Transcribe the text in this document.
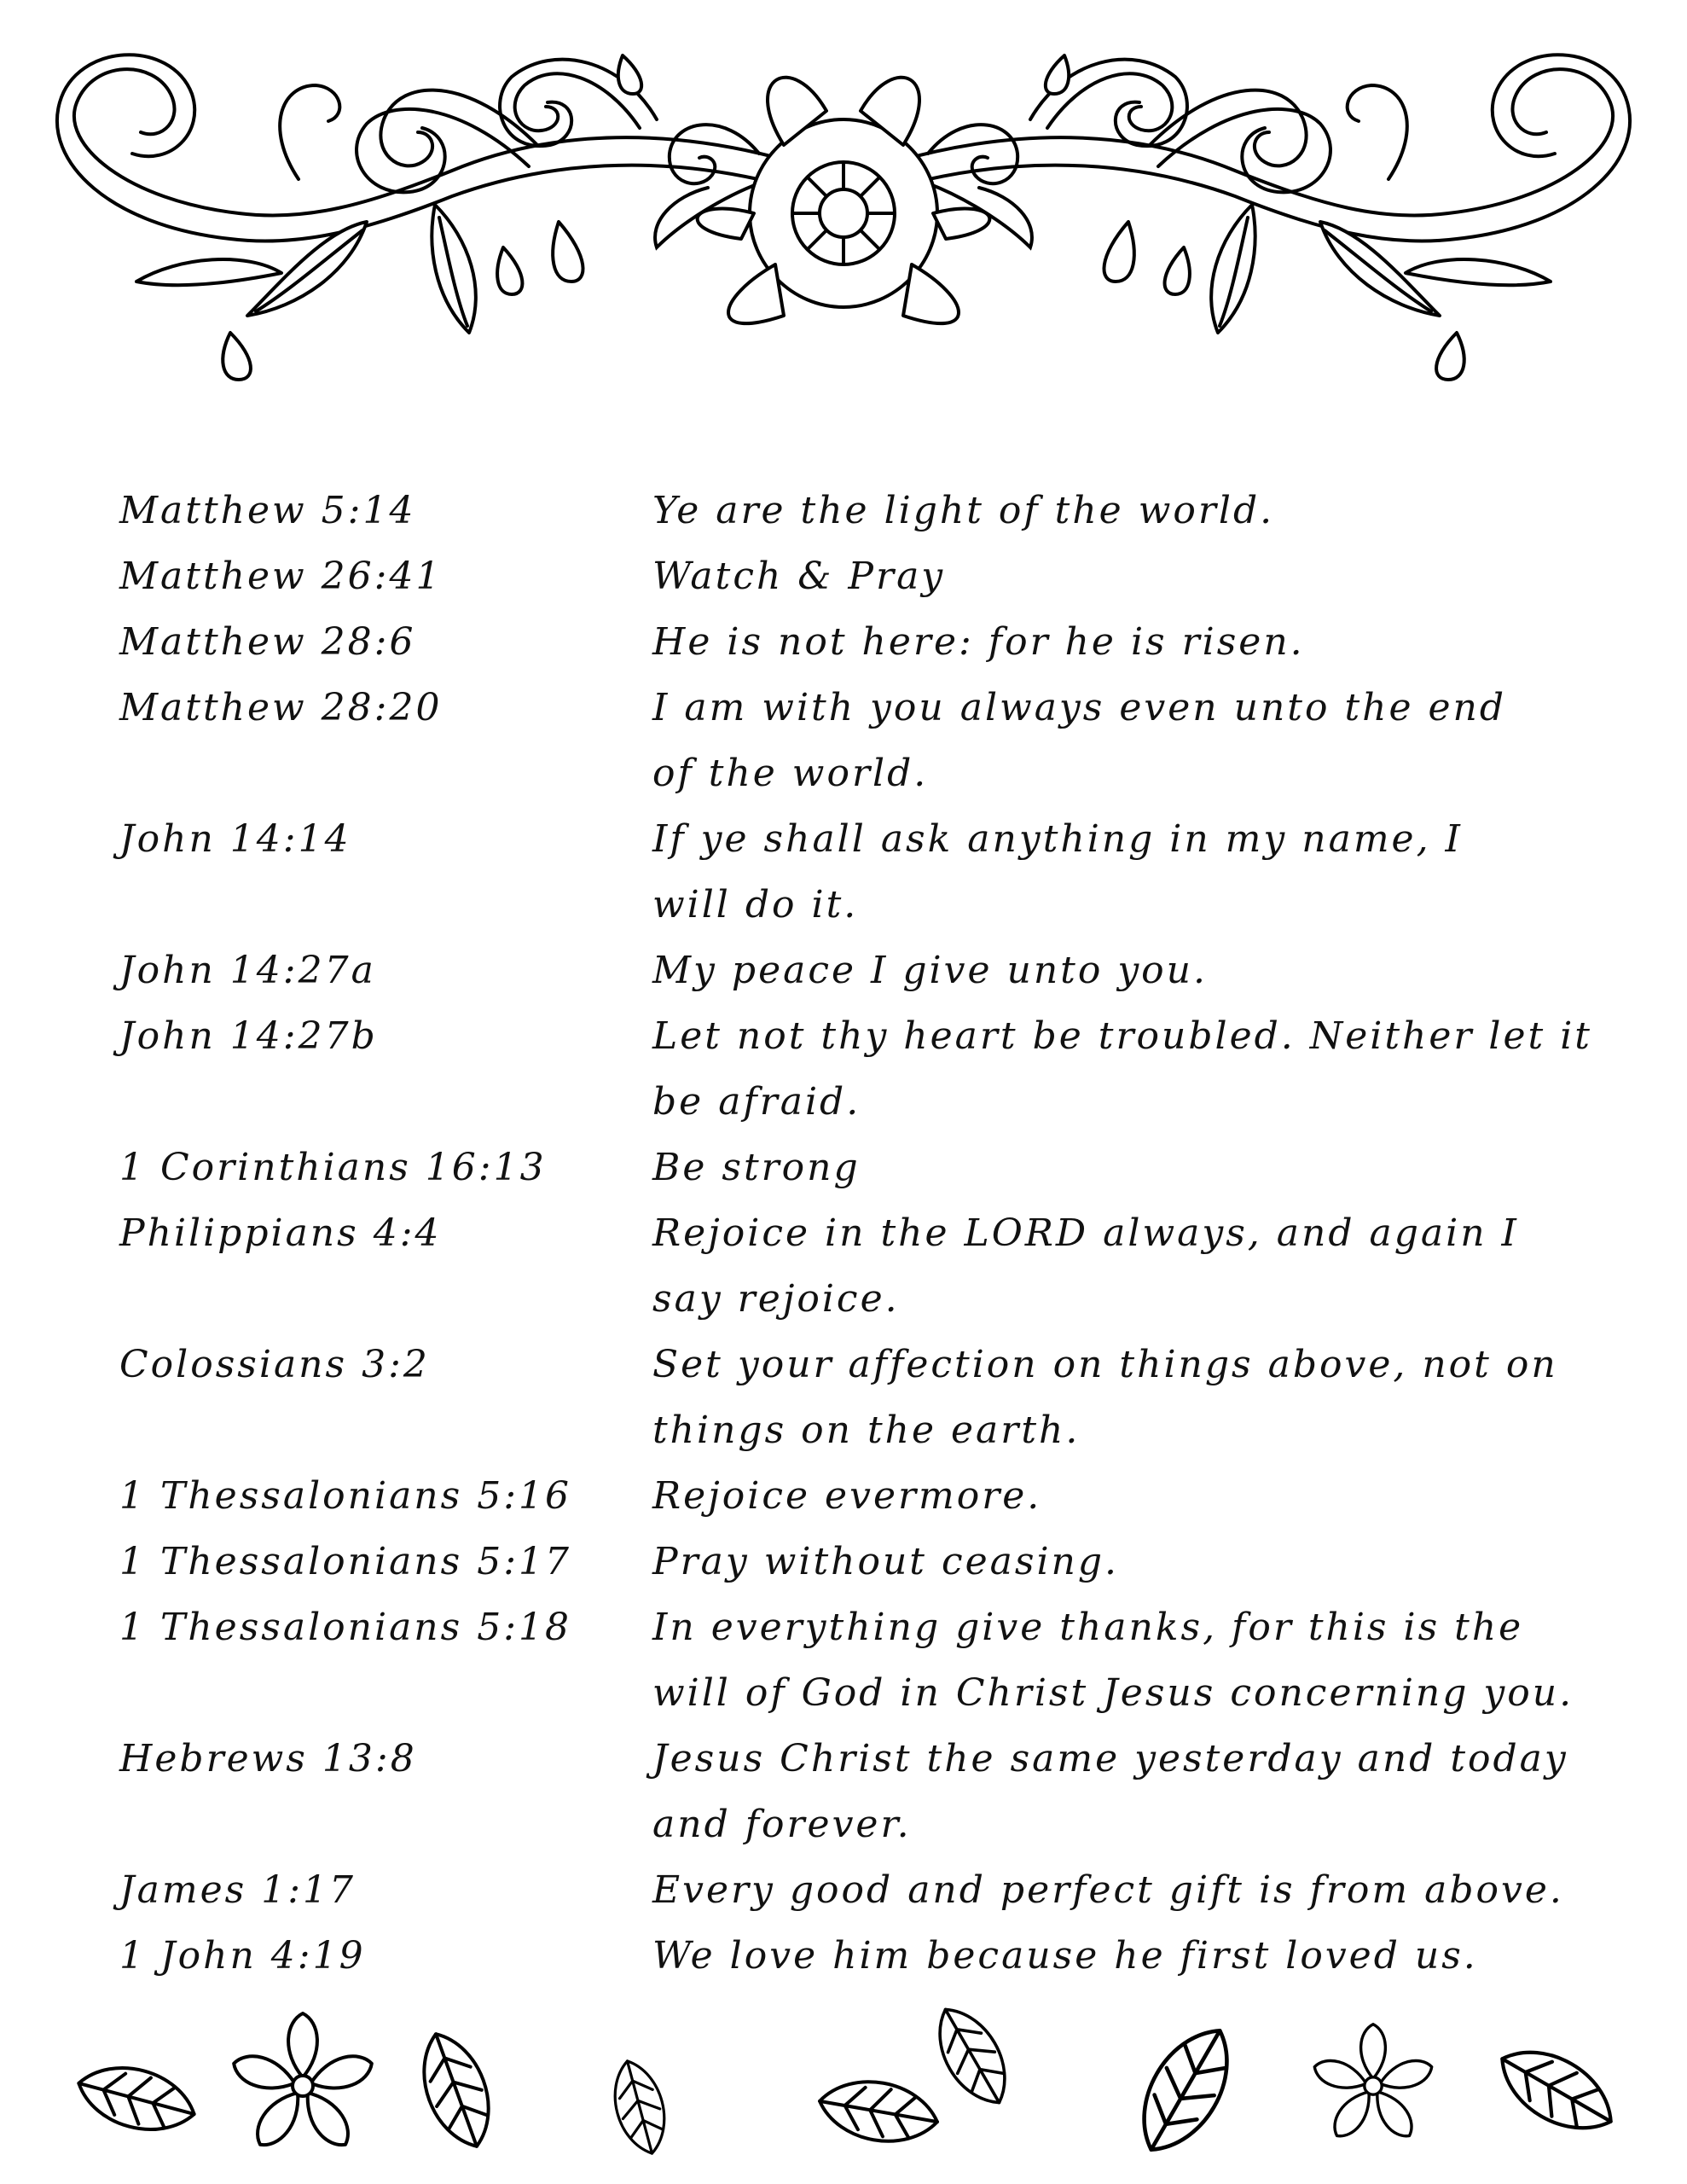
Matthew 5:14	Ye are the light of the world.
Matthew 26:41	Watch & Pray
Matthew 28:6	He is not here: for he is risen.
Matthew 28:20	I am with you always even unto the end
of the world.
John 14:14	If ye shall ask anything in my name, I
will do it.
John 14:27a	My peace I give unto you.
John 14:27b	Let not thy heart be troubled. Neither let it
be afraid.
1 Corinthians 16:13	Be strong
Philippians 4:4	Rejoice in the LORD always, and again I
say rejoice.
Colossians 3:2	Set your affection on things above, not on
things on the earth.
1 Thessalonians 5:16	Rejoice evermore.
1 Thessalonians 5:17	Pray without ceasing.
1 Thessalonians 5:18	In everything give thanks, for this is the
will of God in Christ Jesus concerning you.
Hebrews 13:8	Jesus Christ the same yesterday and today
and forever.
James 1:17	Every good and perfect gift is from above.
1 John 4:19	We love him because he first loved us.
